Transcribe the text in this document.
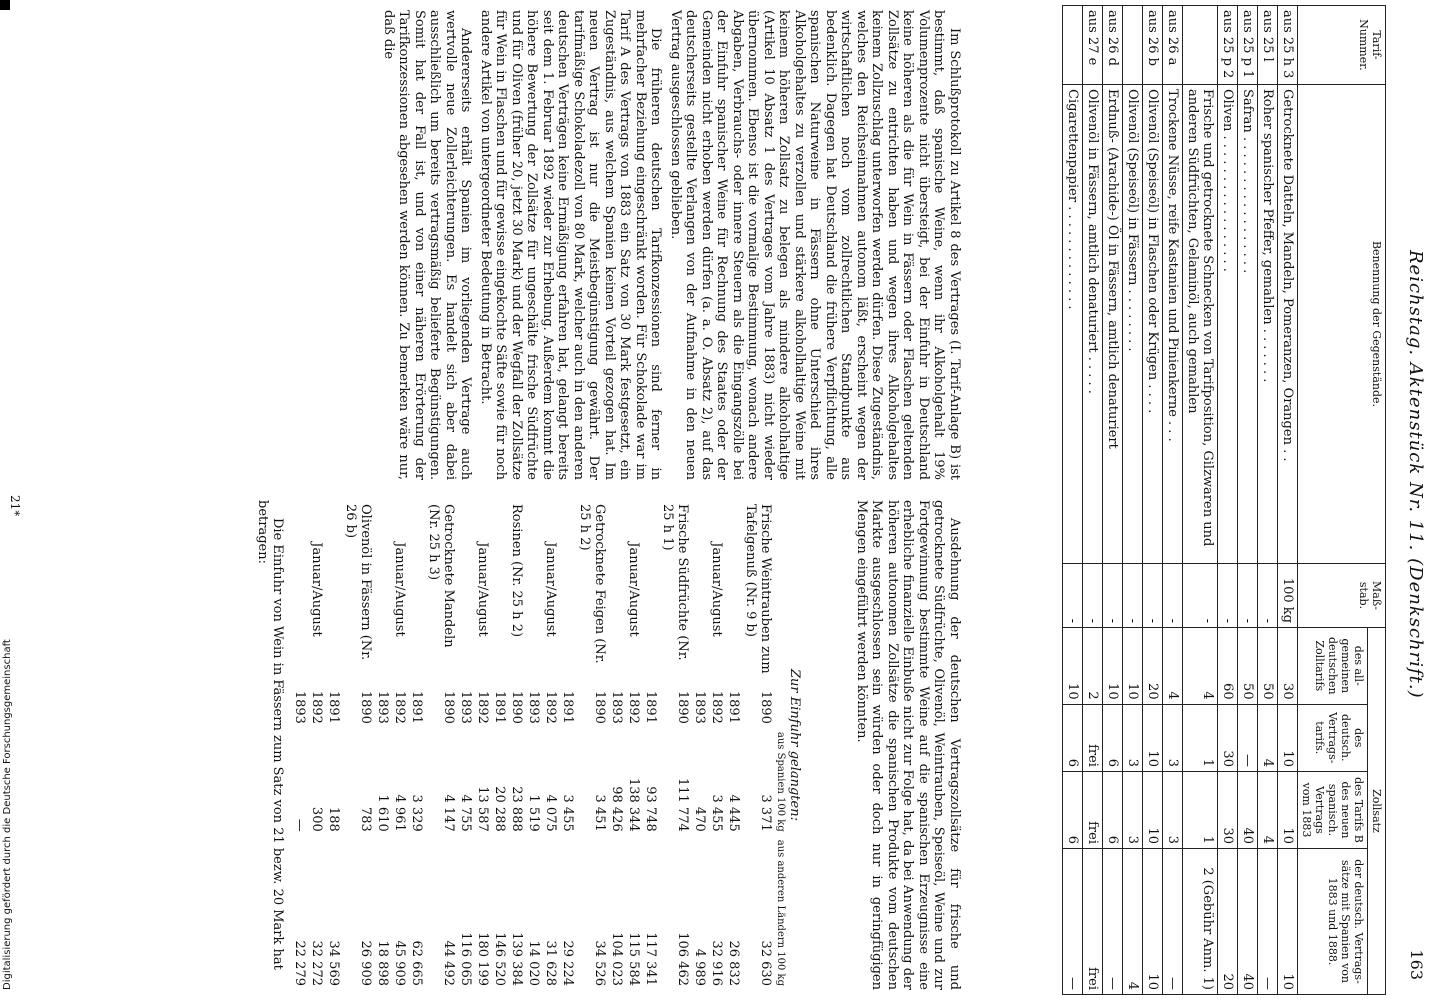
Reichstag. Aktenstück Nr. 11. (Denkschrift.)
163
Tarif-Nummer.	Benennung der Gegenstände.	Maß-stab.	Zollsatz			
			des all-gemeinen deutschen Zolltarifs	des deutsch. Vertrags-tarifs.	des Tarifs B des neuen spanisch. Vertrags vom 1883	der deutsch. Vertrags-sätze mit Spanien von 1883 und 1888.
aus 25 h 3	Getrocknete Datteln, Mandeln, Pomeranzen, Orangen . .	100 kg	30	10	10	10
aus 25 l	Roher spanischer Pfeffer, gemahlen . . . . . . .	-	50	4	4	—
aus 25 p 1	Safran . . . . . . . . . . . . . . . . .	-	50	—	40	40
aus 25 p 2	Oliven . . . . . . . . . . . . . . . . .	-	60	30	30	20
	Frische und getrocknete Schnecken von Tarifposition, Gilzwaren und anderen Südfrüchten, Gelaminöl, auch gemahlen	-	4	1	1	2 (Gebühr Anm. 1)
aus 26 a	Trockene Nüsse, reife Kastanien und Pinienkerne . . .	-	4	3	3	—
aus 26 b	Olivenöl (Speiseöl) in Flaschen oder Krügen . . . .	-	20	10	10	10
	Olivenöl (Speiseöl) in Fässern . . . . . . . .	-	10	3	3	4
aus 26 d	Erdnuß- (Arachide-) Öl in Fässern, amtlich denaturiert	-	10	6	6	—
aus 27 e	Olivenöl in Fässern, amtlich denaturiert . . . . .	-	2	frei	frei	frei
	Cigarettenpapier . . . . . . . . . . . . .	-	10	6	6	—

Im Schlußprotokoll zu Artikel 8 des Vertrages (I. Tarif-Anlage B) ist bestimmt, daß spanische Weine, wenn ihr Alkoholgehalt 19% Volumenprozente nicht übersteigt, bei der Einfuhr in Deutschland keine höheren als die für Wein in Fässern oder Flaschen geltenden Zollsätze zu entrichten haben und wegen ihres Alkoholgehaltes keinem Zollzuschlag unterworfen werden dürfen. Diese Zugeständnis, welches den Reichseinnahmen autonom läßt, erscheint wegen der wirtschaftlichen noch vom zollrechtlichen Standpunkte aus bedenklich. Dagegen hat Deutschland die frühere Verpflichtung, alle spanischen Naturweine in Fässern ohne Unterschied ihres Alkoholgehaltes zu verzollen und stärkere alkoholhaltige Weine mit keinem höheren Zollsatz zu belegen als mindere alkoholhaltige (Artikel 10 Absatz 1 des Vertrages vom Jahre 1883) nicht wieder übernommen. Ebenso ist die vormalige Bestimmung, wonach andere Abgaben, Verbrauchs- oder innere Steuern als die Eingangszölle bei der Einfuhr spanischer Weine für Rechnung des Staates oder der Gemeinden nicht erhoben werden dürfen (a. a. O. Absatz 2), auf das deutscherseits gestellte Verlangen von der Aufnahme in den neuen Vertrag ausgeschlossen geblieben.

Die früheren deutschen Tarifkonzessionen sind ferner in mehrfacher Beziehung eingeschränkt worden. Für Schokolade war im Tarif A des Vertrags von 1883 ein Satz von 30 Mark festgesetzt, ein Zugeständnis, aus welchem Spanien keinen Vorteil gezogen hat. Im neuen Vertrag ist nur die Meistbegünstigung gewährt. Der tarifmäßige Schokoladezoll von 80 Mark, welcher auch in den anderen deutschen Verträgen keine Ermäßigung erfahren hat, gelangt bereits seit dem 1. Februar 1892 wieder zur Erhebung. Außerdem kommt die höhere Bewertung der Zollsätze für ungeschälte frische Südfrüchte und für Oliven (früher 20, jetzt 30 Mark) und der Wegfall der Zollsätze für Wein in Flaschen und für gewisse eingekochte Säfte sowie für noch andere Artikel von untergeordneter Bedeutung in Betracht.

Andererseits erhält Spanien im vorliegenden Vertrage auch wertvolle neue Zollerleichterungen. Es handelt sich aber dabei ausschließlich um bereits vertragsmäßig belieferte Begünstigungen. Somit hat der Fall ist, und von einer näheren Erörterung der Tarifkonzessionen abgesehen werden können. Zu bemerken wäre nur, daß die

Ausdehnung der deutschen Vertragszollsätze für frische und getrocknete Südfrüchte, Olivenöl, Weintrauben, Speiseöl, Weine und zur Fortgewinnung bestimmte Weine auf die spanischen Erzeugnisse eine erhebliche finanzielle Einbuße nicht zur Folge hat, da bei Anwendung der höheren autonomen Zollsätze die spanischen Produkte vom deutschen Markte ausgeschlossen sein würden oder doch nur in geringfügigen Mengen eingeführt werden könnten.

Zur Einfuhr gelangten:
		aus Spanien 100 kg	aus anderen Ländern 100 kg
Frische Weintrauben zum Tafelgenuß (Nr. 9 b)	1890	3 371	32 630
	1891	4 445	26 832
Januar/August	1892	3 455	32 916
	1893	470	4 989
Frische Südfrüchte (Nr. 25 h 1)	1890	111 774	106 462
	1891	93 748	117 341
Januar/August	1892	138 344	115 584
	1893	98 426	104 023
Getrocknete Feigen (Nr. 25 h 2)	1890	3 451	34 526
	1891	3 455	29 224
Januar/August	1892	4 075	31 628
	1893	1 519	14 020
Rosinen (Nr. 25 h 2)	1890	23 888	139 384
	1891	20 288	146 520
Januar/August	1892	13 587	180 199
	1893	4 755	116 065
Getrocknete Mandeln (Nr. 25 h 3)	1890	4 147	44 492
	1891	3 329	62 665
Januar/August	1892	4 961	45 909
	1893	1 610	18 898
Olivenöl in Fässern (Nr. 26 b)	1890	783	26 909
	1891	188	34 569
Januar/August	1892	300	32 272
	1893	—	22 279

Die Einfuhr von Wein in Fässern zum Satz von 21 bezw. 20 Mark hat betragen:

21*
Digitalisierung gefördert durch die Deutsche Forschungsgemeinschaft
